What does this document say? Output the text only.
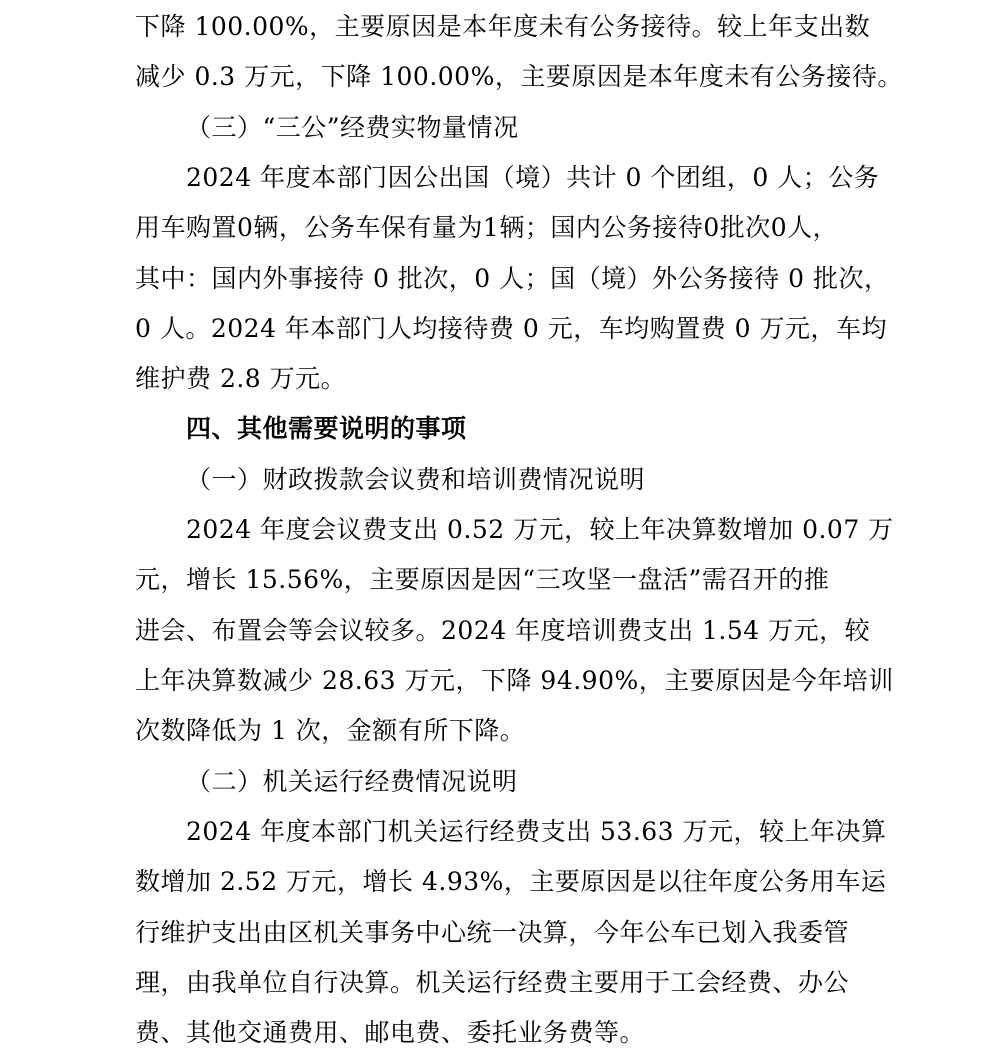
下降 100.00%，主要原因是本年度未有公务接待。较上年支出数
减少 0.3 万元，下降 100.00%，主要原因是本年度未有公务接待。
（三）“三公”经费实物量情况
2024 年度本部门因公出国（境）共计 0 个团组，0 人；公务
用车购置0辆，公务车保有量为1辆；国内公务接待0批次0人，
其中：国内外事接待 0 批次，0 人；国（境）外公务接待 0 批次，
0 人。2024 年本部门人均接待费 0 元，车均购置费 0 万元，车均
维护费 2.8 万元。
四、其他需要说明的事项
（一）财政拨款会议费和培训费情况说明
2024 年度会议费支出 0.52 万元，较上年决算数增加 0.07 万
元，增长 15.56%，主要原因是因“三攻坚一盘活”需召开的推
进会、布置会等会议较多。2024 年度培训费支出 1.54 万元，较
上年决算数减少 28.63 万元，下降 94.90%，主要原因是今年培训
次数降低为 1 次，金额有所下降。
（二）机关运行经费情况说明
2024 年度本部门机关运行经费支出 53.63 万元，较上年决算
数增加 2.52 万元，增长 4.93%，主要原因是以往年度公务用车运
行维护支出由区机关事务中心统一决算，今年公车已划入我委管
理，由我单位自行决算。机关运行经费主要用于工会经费、办公
费、其他交通费用、邮电费、委托业务费等。
